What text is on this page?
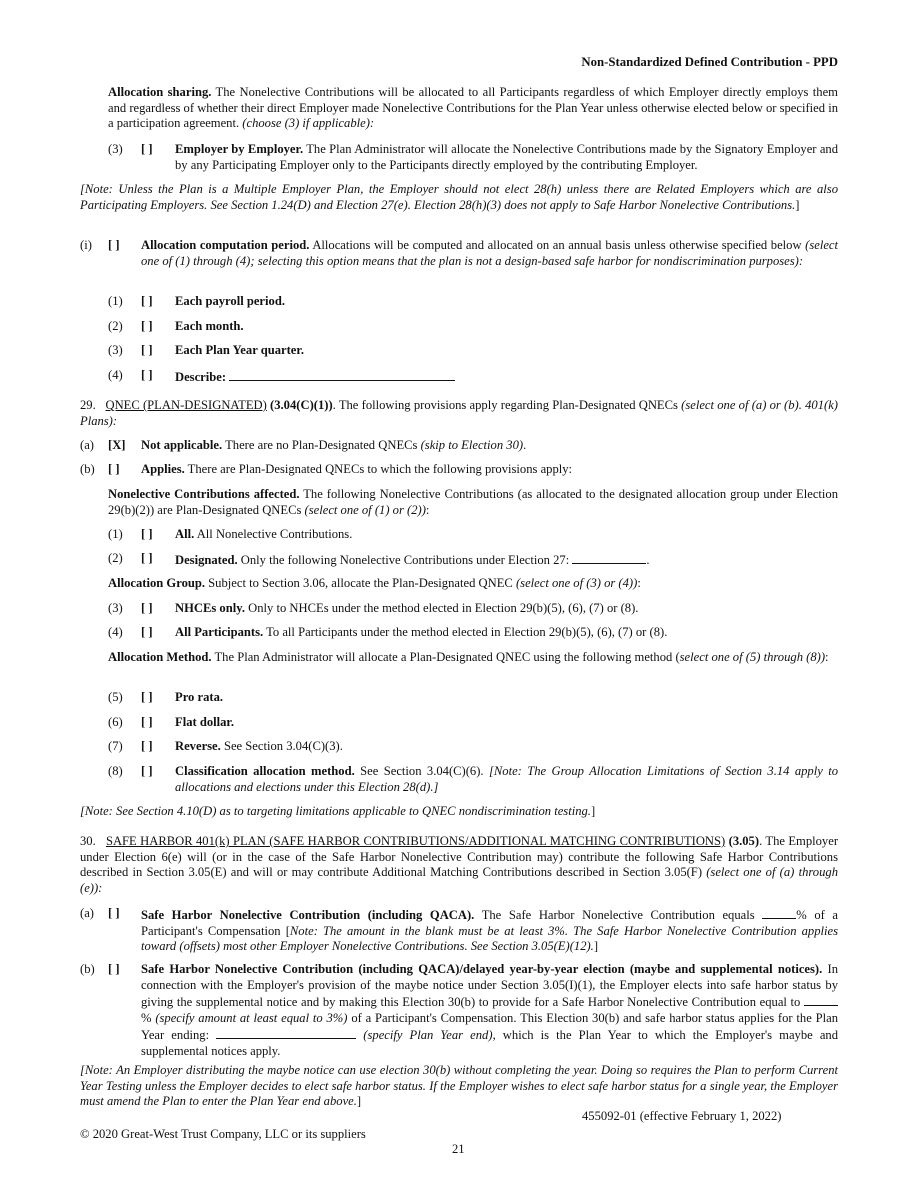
Non-Standardized Defined Contribution - PPD
Allocation sharing. The Nonelective Contributions will be allocated to all Participants regardless of which Employer directly employs them and regardless of whether their direct Employer made Nonelective Contributions for the Plan Year unless otherwise elected below or specified in a participation agreement. (choose (3) if applicable):
(3) [ ] Employer by Employer. The Plan Administrator will allocate the Nonelective Contributions made by the Signatory Employer and by any Participating Employer only to the Participants directly employed by the contributing Employer.
[Note: Unless the Plan is a Multiple Employer Plan, the Employer should not elect 28(h) unless there are Related Employers which are also Participating Employers. See Section 1.24(D) and Election 27(e). Election 28(h)(3) does not apply to Safe Harbor Nonelective Contributions.]
(i) [ ] Allocation computation period. Allocations will be computed and allocated on an annual basis unless otherwise specified below (select one of (1) through (4); selecting this option means that the plan is not a design-based safe harbor for nondiscrimination purposes):
(1) [ ] Each payroll period.
(2) [ ] Each month.
(3) [ ] Each Plan Year quarter.
(4) [ ] Describe:
29. QNEC (PLAN-DESIGNATED) (3.04(C)(1)). The following provisions apply regarding Plan-Designated QNECs (select one of (a) or (b). 401(k) Plans):
(a) [X] Not applicable. There are no Plan-Designated QNECs (skip to Election 30).
(b) [ ] Applies. There are Plan-Designated QNECs to which the following provisions apply:
Nonelective Contributions affected. The following Nonelective Contributions (as allocated to the designated allocation group under Election 29(b)(2)) are Plan-Designated QNECs (select one of (1) or (2)):
(1) [ ] All. All Nonelective Contributions.
(2) [ ] Designated. Only the following Nonelective Contributions under Election 27:	.
Allocation Group. Subject to Section 3.06, allocate the Plan-Designated QNEC (select one of (3) or (4)):
(3) [ ] NHCEs only. Only to NHCEs under the method elected in Election 29(b)(5), (6), (7) or (8).
(4) [ ] All Participants. To all Participants under the method elected in Election 29(b)(5), (6), (7) or (8).
Allocation Method. The Plan Administrator will allocate a Plan-Designated QNEC using the following method (select one of (5) through (8)):
(5) [ ] Pro rata.
(6) [ ] Flat dollar.
(7) [ ] Reverse. See Section 3.04(C)(3).
(8) [ ] Classification allocation method. See Section 3.04(C)(6). [Note: The Group Allocation Limitations of Section 3.14 apply to allocations and elections under this Election 28(d).]
[Note: See Section 4.10(D) as to targeting limitations applicable to QNEC nondiscrimination testing.]
30. SAFE HARBOR 401(k) PLAN (SAFE HARBOR CONTRIBUTIONS/ADDITIONAL MATCHING CONTRIBUTIONS) (3.05). The Employer under Election 6(e) will (or in the case of the Safe Harbor Nonelective Contribution may) contribute the following Safe Harbor Contributions described in Section 3.05(E) and will or may contribute Additional Matching Contributions described in Section 3.05(F) (select one of (a) through (e)):
(a) [ ] Safe Harbor Nonelective Contribution (including QACA). The Safe Harbor Nonelective Contribution equals	% of a Participant's Compensation [Note: The amount in the blank must be at least 3%. The Safe Harbor Nonelective Contribution applies toward (offsets) most other Employer Nonelective Contributions. See Section 3.05(E)(12).]
(b) [ ] Safe Harbor Nonelective Contribution (including QACA)/delayed year-by-year election (maybe and supplemental notices). In connection with the Employer's provision of the maybe notice under Section 3.05(I)(1), the Employer elects into safe harbor status by giving the supplemental notice and by making this Election 30(b) to provide for a Safe Harbor Nonelective Contribution equal to % (specify amount at least equal to 3%) of a Participant's Compensation. This Election 30(b) and safe harbor status applies for the Plan Year ending:	(specify Plan Year end), which is the Plan Year to which the Employer's maybe and supplemental notices apply.
[Note: An Employer distributing the maybe notice can use election 30(b) without completing the year. Doing so requires the Plan to perform Current Year Testing unless the Employer decides to elect safe harbor status. If the Employer wishes to elect safe harbor status for a single year, the Employer must amend the Plan to enter the Plan Year end above.]
455092-01 (effective February 1, 2022)
© 2020 Great-West Trust Company, LLC or its suppliers
21
